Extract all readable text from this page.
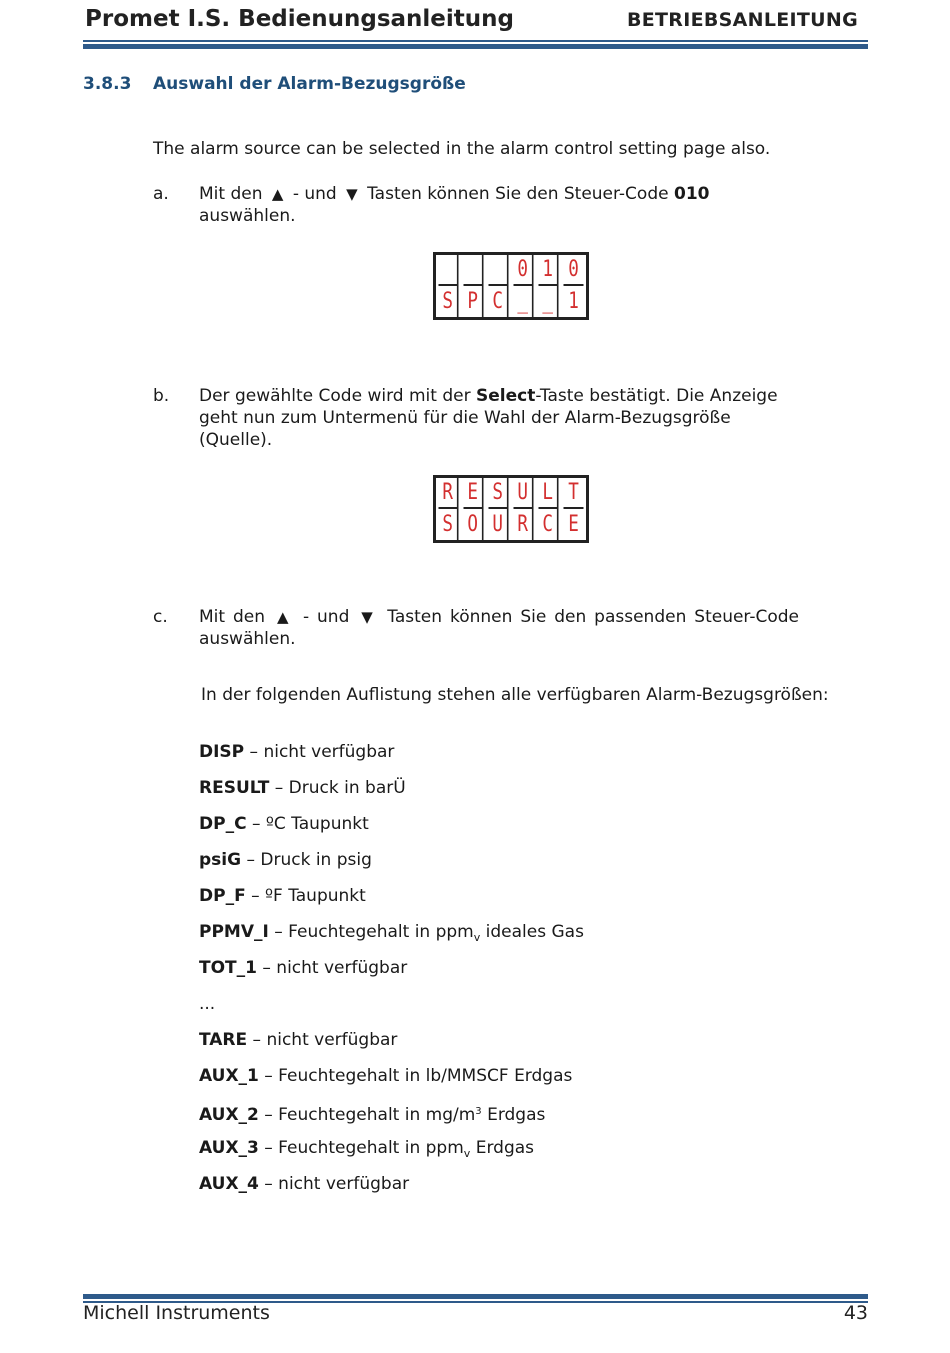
Promet I.S. Bedienungsanleitung	BETRIEBSANLEITUNG
3.8.3 Auswahl der Alarm-Bezugsgröße
The alarm source can be selected in the alarm control setting page also.
a. Mit den ▲ - und ▼ Tasten können Sie den Steuer-Code 010 auswählen.
0 1 0
S P C _ _ 1
b. Der gewählte Code wird mit der Select-Taste bestätigt. Die Anzeige geht nun zum Untermenü für die Wahl der Alarm-Bezugsgröße (Quelle).
R E S U L T
S O U R C E
c. Mit den ▲ - und ▼ Tasten können Sie den passenden Steuer-Code auswählen.
In der folgenden Auflistung stehen alle verfügbaren Alarm-Bezugsgrößen:
DISP – nicht verfügbar
RESULT – Druck in barÜ
DP_C – ºC Taupunkt
psiG – Druck in psig
DP_F – ºF Taupunkt
PPMV_I – Feuchtegehalt in ppm$_v$ ideales Gas
TOT_1 – nicht verfügbar
...
TARE – nicht verfügbar
AUX_1 – Feuchtegehalt in lb/MMSCF Erdgas
AUX_2 – Feuchtegehalt in $mg/m^3$ Erdgas
AUX_3 – Feuchtegehalt in ppm$_v$ Erdgas
AUX_4 – nicht verfügbar
Michell Instruments	43
